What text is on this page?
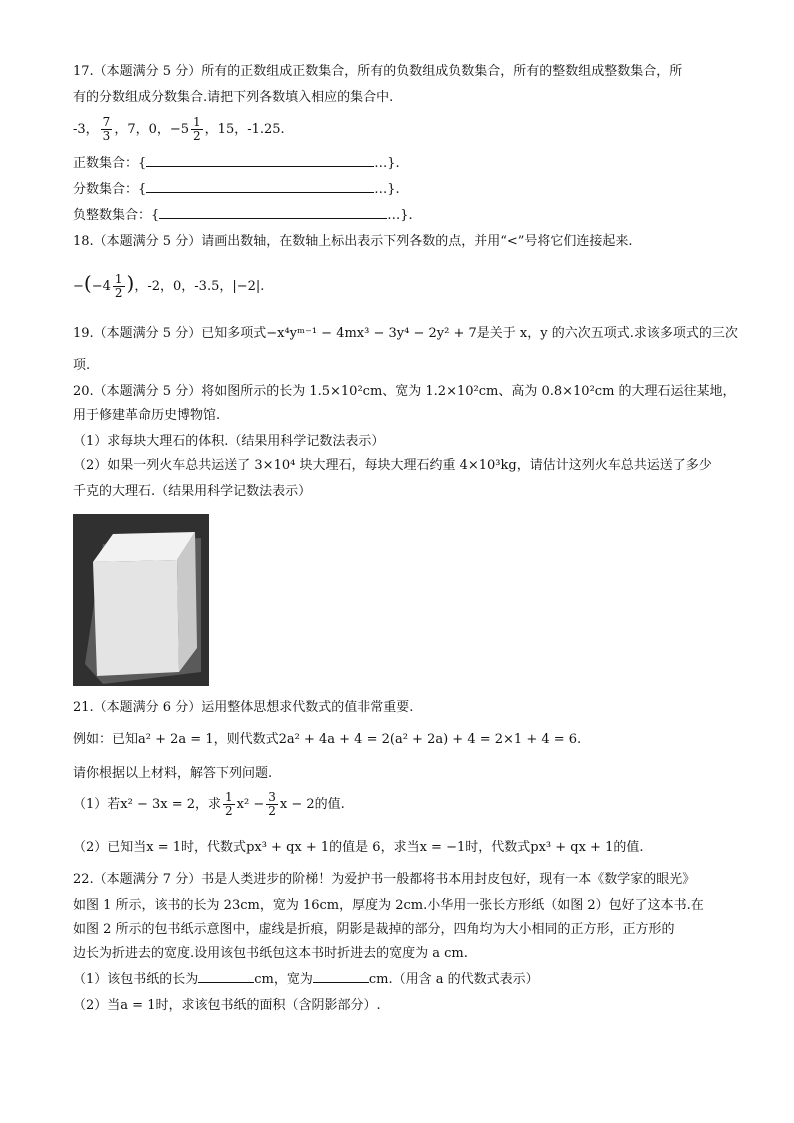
17.（本题满分 5 分）所有的正数组成正数集合，所有的负数组成负数集合，所有的整数组成整数集合，所
有的分数组成分数集合.请把下列各数填入相应的集合中.
-3， $\frac{7}{3}$ ，7，0，$-5 \frac{1}{2}$ ，15，-1.25.
正数集合：{	…}.
分数集合：{	…}.
负整数集合：{	…}.
18.（本题满分 5 分）请画出数轴，在数轴上标出表示下列各数的点，并用“<”号将它们连接起来.
$-(-4 \frac{1}{2}$ )，-2，0，-3.5，|−2|.
19.（本题满分 5 分）已知多项式−x⁴yᵐ⁻¹ − 4mx³ − 3y⁴ − 2y² + 7是关于 x，y 的六次五项式.求该多项式的三次
项.
20.（本题满分 5 分）将如图所示的长为 1.5×10²cm、宽为 1.2×10²cm、高为 0.8×10²cm 的大理石运往某地，
用于修建革命历史博物馆.
（1）求每块大理石的体积.（结果用科学记数法表示）
（2）如果一列火车总共运送了 3×10⁴ 块大理石，每块大理石约重 4×10³kg，请估计这列火车总共运送了多少
千克的大理石.（结果用科学记数法表示）
21.（本题满分 6 分）运用整体思想求代数式的值非常重要.
例如：已知a² + 2a = 1，则代数式2a² + 4a + 4 = 2(a² + 2a) + 4 = 2×1 + 4 = 6.
请你根据以上材料，解答下列问题.
（1）若x² − 3x = 2，求 $\frac{1}{2} x^2 - \frac{3}{2}$ x − 2的值.
（2）已知当x = 1时，代数式px³ + qx + 1的值是 6，求当x = −1时，代数式px³ + qx + 1的值.
22.（本题满分 7 分）书是人类进步的阶梯！为爱护书一般都将书本用封皮包好，现有一本《数学家的眼光》
如图 1 所示，该书的长为 23cm，宽为 16cm，厚度为 2cm.小华用一张长方形纸（如图 2）包好了这本书.在
如图 2 所示的包书纸示意图中，虚线是折痕，阴影是裁掉的部分，四角均为大小相同的正方形，正方形的
边长为折进去的宽度.设用该包书纸包这本书时折进去的宽度为 a cm.
（1）该包书纸的长为	cm，宽为	cm.（用含 a 的代数式表示）
（2）当a = 1时，求该包书纸的面积（含阴影部分）.
